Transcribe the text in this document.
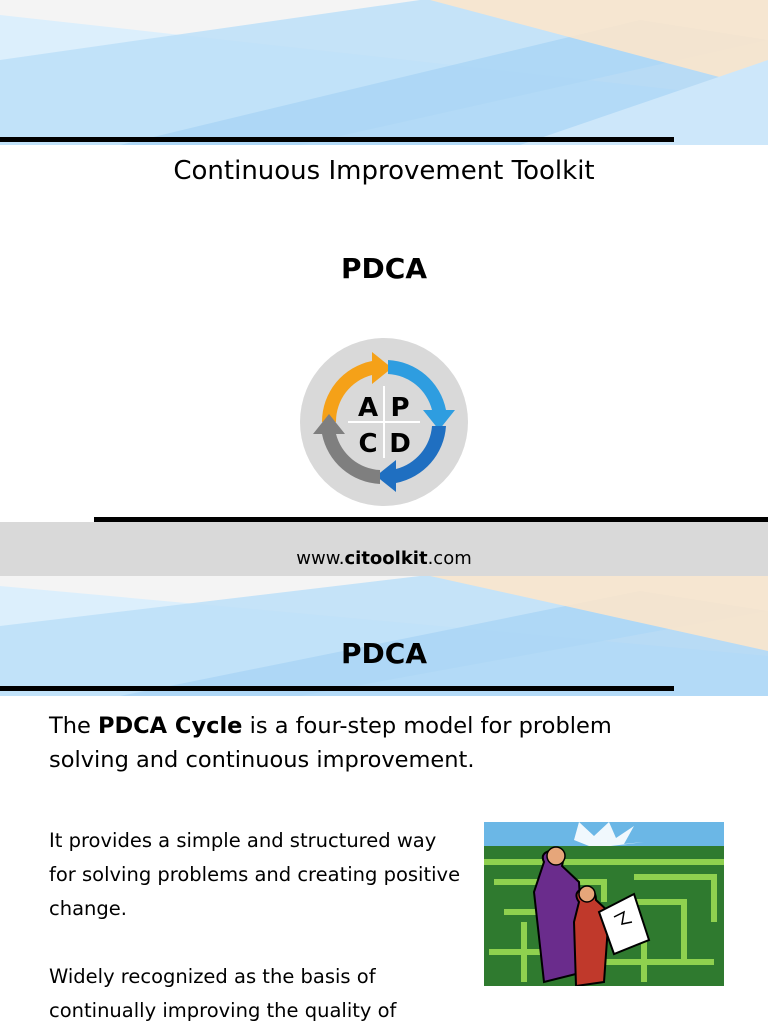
Continuous Improvement Toolkit
PDCA
A P
C D
www.citoolkit.com
PDCA
The PDCA Cycle is a four-step model for problem solving and continuous improvement.
It provides a simple and structured way for solving problems and creating positive change.
Widely recognized as the basis of continually improving the quality of
